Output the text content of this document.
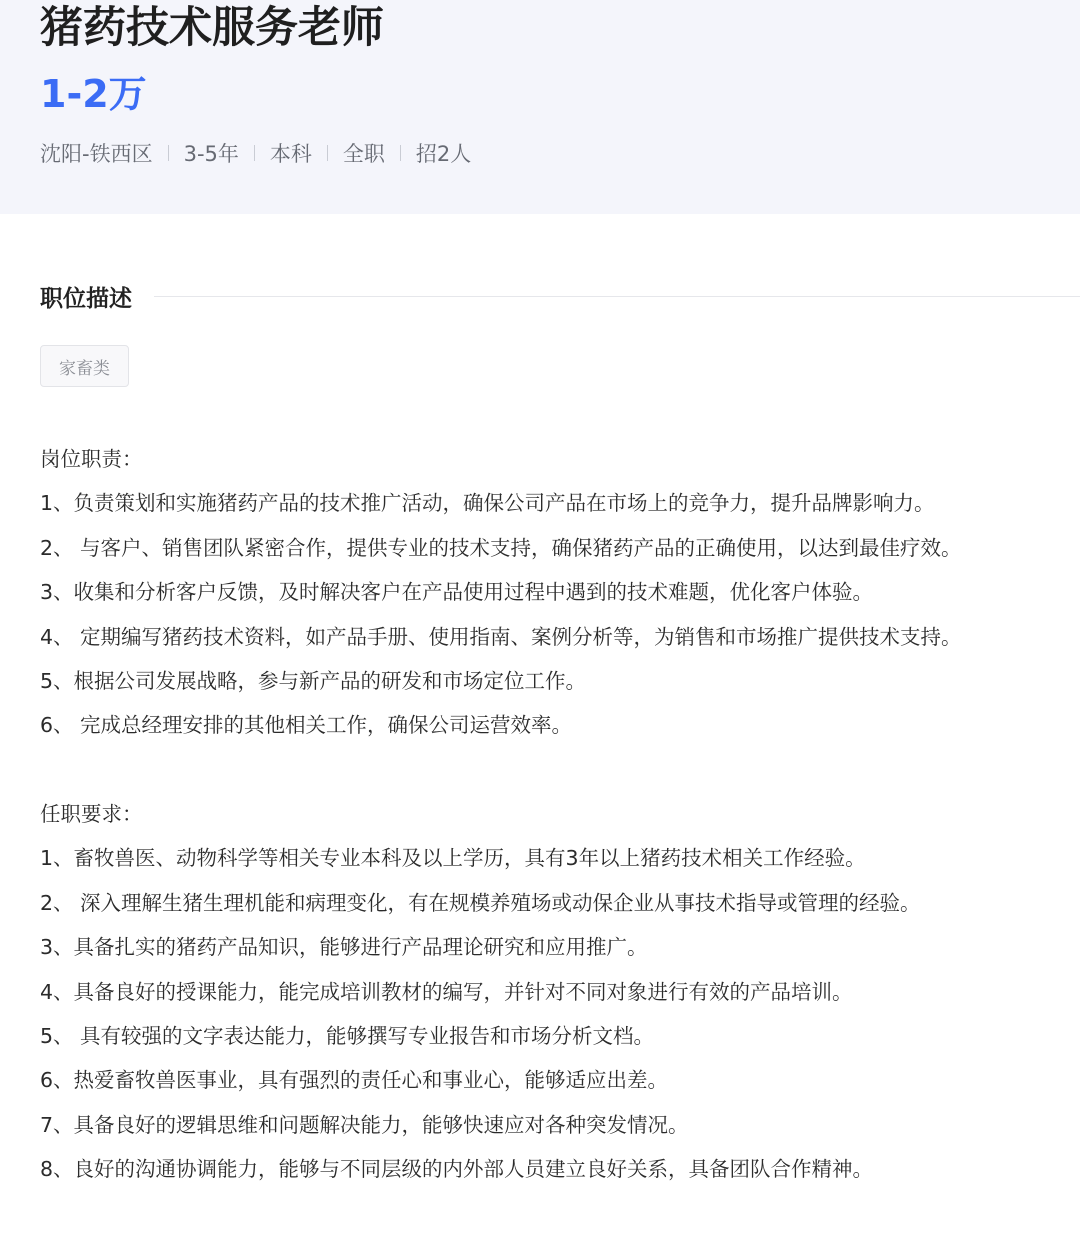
猪药技术服务老师
1-2万
沈阳-铁西区 3-5年 本科 全职 招2人
职位描述
家畜类
岗位职责：
1、负责策划和实施猪药产品的技术推广活动，确保公司产品在市场上的竞争力，提升品牌影响力。
2、 与客户、销售团队紧密合作，提供专业的技术支持，确保猪药产品的正确使用，以达到最佳疗效。
3、收集和分析客户反馈，及时解决客户在产品使用过程中遇到的技术难题，优化客户体验。
4、 定期编写猪药技术资料，如产品手册、使用指南、案例分析等，为销售和市场推广提供技术支持。
5、根据公司发展战略，参与新产品的研发和市场定位工作。
6、 完成总经理安排的其他相关工作，确保公司运营效率。
任职要求：
1、畜牧兽医、动物科学等相关专业本科及以上学历，具有3年以上猪药技术相关工作经验。
2、 深入理解生猪生理机能和病理变化，有在规模养殖场或动保企业从事技术指导或管理的经验。
3、具备扎实的猪药产品知识，能够进行产品理论研究和应用推广。
4、具备良好的授课能力，能完成培训教材的编写，并针对不同对象进行有效的产品培训。
5、 具有较强的文字表达能力，能够撰写专业报告和市场分析文档。
6、热爱畜牧兽医事业，具有强烈的责任心和事业心，能够适应出差。
7、具备良好的逻辑思维和问题解决能力，能够快速应对各种突发情况。
8、良好的沟通协调能力，能够与不同层级的内外部人员建立良好关系，具备团队合作精神。
